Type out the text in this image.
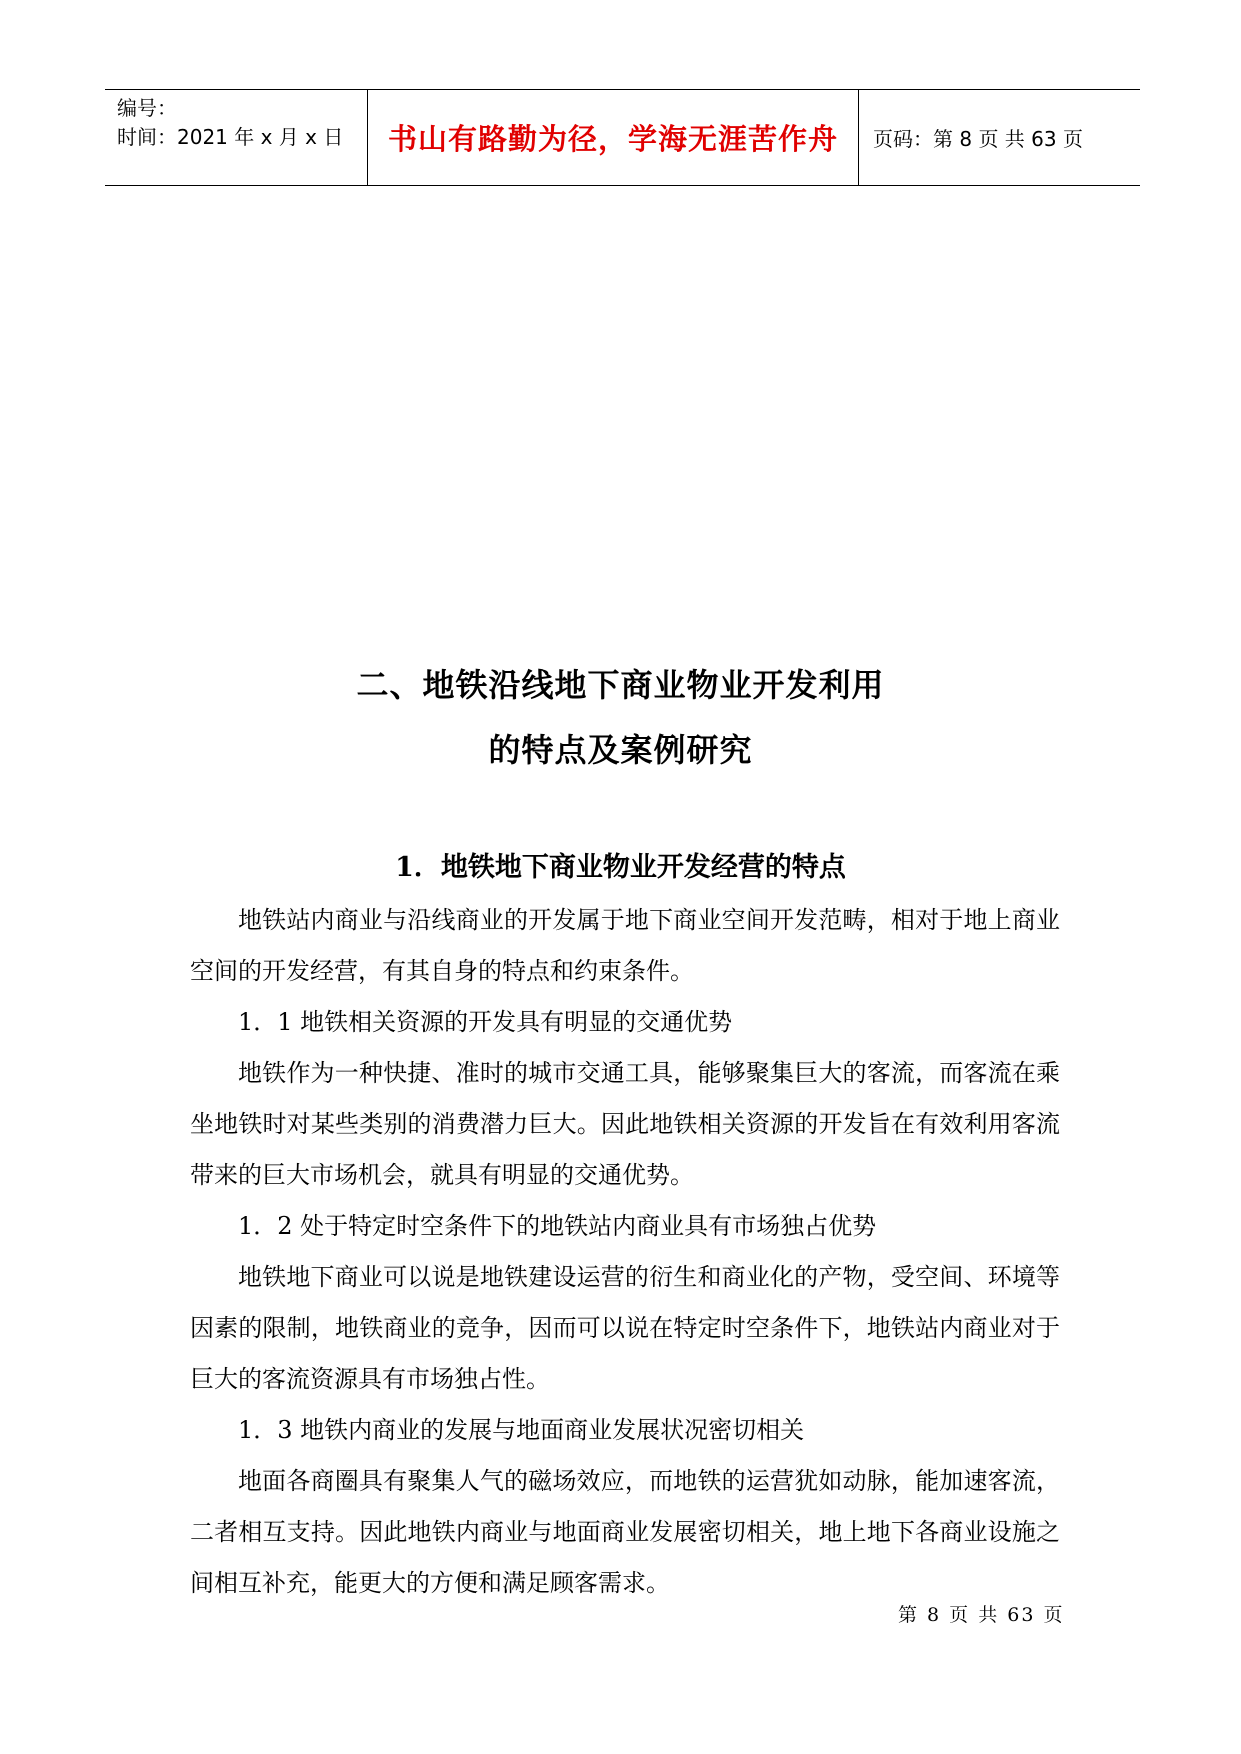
编号：
时间：2021 年 x 月 x 日	书山有路勤为径，学海无涯苦作舟	页码：第 8 页 共 63 页
二、地铁沿线地下商业物业开发利用
的特点及案例研究
1．地铁地下商业物业开发经营的特点

地铁站内商业与沿线商业的开发属于地下商业空间开发范畴，相对于地上商业空间的开发经营，有其自身的特点和约束条件。

1．1 地铁相关资源的开发具有明显的交通优势

地铁作为一种快捷、准时的城市交通工具，能够聚集巨大的客流，而客流在乘坐地铁时对某些类别的消费潜力巨大。因此地铁相关资源的开发旨在有效利用客流带来的巨大市场机会，就具有明显的交通优势。

1．2 处于特定时空条件下的地铁站内商业具有市场独占优势

地铁地下商业可以说是地铁建设运营的衍生和商业化的产物，受空间、环境等因素的限制，地铁商业的竞争，因而可以说在特定时空条件下，地铁站内商业对于巨大的客流资源具有市场独占性。

1．3 地铁内商业的发展与地面商业发展状况密切相关

地面各商圈具有聚集人气的磁场效应，而地铁的运营犹如动脉，能加速客流，二者相互支持。因此地铁内商业与地面商业发展密切相关，地上地下各商业设施之间相互补充，能更大的方便和满足顾客需求。

第 8 页 共 63 页
